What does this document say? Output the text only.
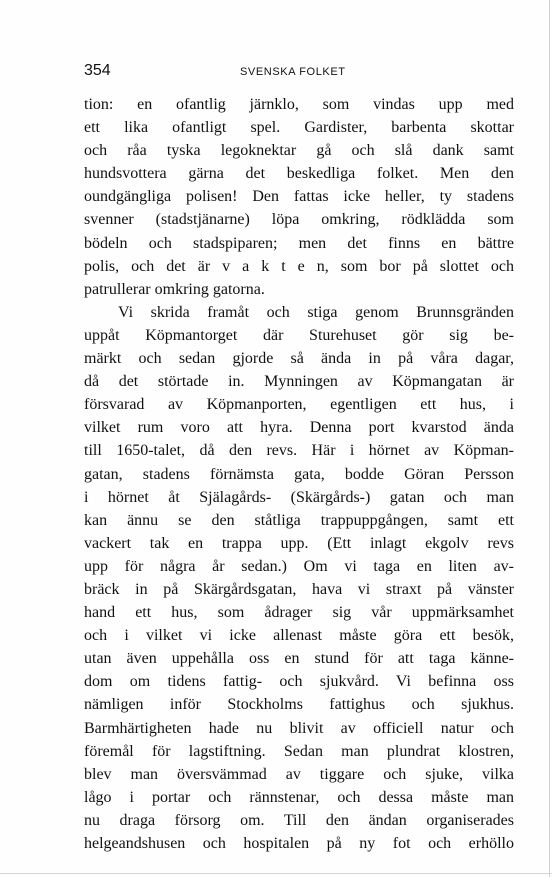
354	SVENSKA FOLKET
tion: en ofantlig järnklo, som vindas upp med
ett lika ofantligt spel. Gardister, barbenta skottar
och råa tyska legoknektar gå och slå dank samt
hundsvottera gärna det beskedliga folket. Men den
oundgängliga polisen! Den fattas icke heller, ty stadens
svenner (stadstjänarne) löpa omkring, rödklädda som
bödeln och stadspiparen; men det finns en bättre
polis, och det är v a k t e n, som bor på slottet och
patrullerar omkring gatorna.
Vi skrida framåt och stiga genom Brunnsgränden
uppåt Köpmantorget där Sturehuset gör sig be-
märkt och sedan gjorde så ända in på våra dagar,
då det störtade in. Mynningen av Köpmangatan är
försvarad av Köpmanporten, egentligen ett hus, i
vilket rum voro att hyra. Denna port kvarstod ända
till 1650-talet, då den revs. Här i hörnet av Köpman-
gatan, stadens förnämsta gata, bodde Göran Persson
i hörnet åt Själagårds- (Skärgårds-) gatan och man
kan ännu se den ståtliga trappuppgången, samt ett
vackert tak en trappa upp. (Ett inlagt ekgolv revs
upp för några år sedan.) Om vi taga en liten av-
bräck in på Skärgårdsgatan, hava vi straxt på vänster
hand ett hus, som ådrager sig vår uppmärksamhet
och i vilket vi icke allenast måste göra ett besök,
utan även uppehålla oss en stund för att taga känne-
dom om tidens fattig- och sjukvård. Vi befinna oss
nämligen inför Stockholms fattighus och sjukhus.
Barmhärtigheten hade nu blivit av officiell natur och
föremål för lagstiftning. Sedan man plundrat klostren,
blev man översvämmad av tiggare och sjuke, vilka
lågo i portar och rännstenar, och dessa måste man
nu draga försorg om. Till den ändan organiserades
helgeandshusen och hospitalen på ny fot och erhöllo
